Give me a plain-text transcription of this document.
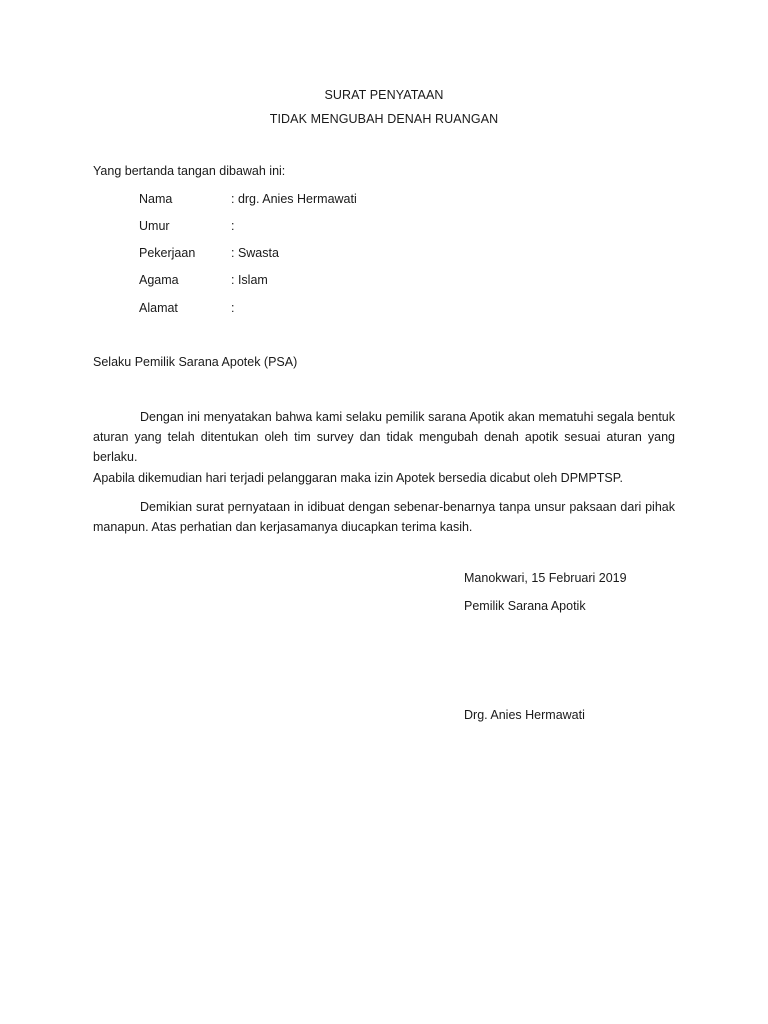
SURAT PENYATAAN
TIDAK MENGUBAH DENAH RUANGAN
Yang bertanda tangan dibawah ini:
Nama	: drg. Anies Hermawati
Umur	:
Pekerjaan	: Swasta
Agama	: Islam
Alamat	:
Selaku Pemilik Sarana Apotek (PSA)
Dengan ini menyatakan bahwa kami selaku pemilik sarana Apotik akan mematuhi segala bentuk aturan yang telah ditentukan oleh tim survey dan tidak mengubah denah apotik sesuai aturan yang berlaku.
Apabila dikemudian hari terjadi pelanggaran maka izin Apotek bersedia dicabut oleh DPMPTSP.
Demikian surat pernyataan in idibuat dengan sebenar-benarnya tanpa unsur paksaan dari pihak manapun. Atas perhatian dan kerjasamanya diucapkan terima kasih.
Manokwari, 15 Februari 2019
Pemilik Sarana Apotik
Drg. Anies Hermawati
